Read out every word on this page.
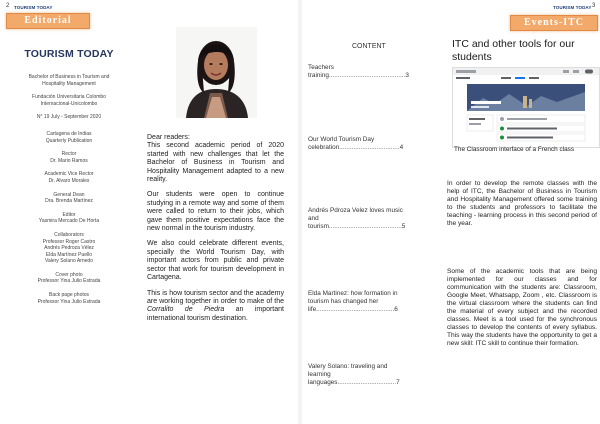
2 TOURISM TODAY
Editorial
TOURISM TODAY
Bachelor of Business in Tourism and
Hospitality Management
Fundación Universitaria Colombo
Internacional-Unicolombo
N° 19 July - September 2020
Cartagena de Indias
Quarterly Publication
Rector
Dr. Mario Ramos
Academic Vice Rector
Dr. Alvaro Morales
General Dean
Dra. Brenda Martínez
Editor
Yasmira Mercado De Horta
Collaborators
Professor Roger Castro
Andrés Pedroza Vélez
Elda Martínez Puello
Valery Solano Arnedo
Cover photo
Professor Yina Julio Estrada
Back page photos
Professor Yina Julio Estrada
Dear readers:

This second academic period of 2020 started with new challenges that let the Bachelor of Business in Tourism and Hospitality Management adapted to a new reality.

Our students were open to continue studying in a remote way and some of them were called to return to their jobs, which gave them positive expectations face the new normal in the tourism industry.

We also could celebrate different events, specially the World Tourism Day, with important actors from public and private sector that work for tourism development in Cartagena.

This is how tourism sector and the academy are working together in order to make of the Corralito de Piedra an important international tourism destination.

CONTENT
Teachers
training...........................................3
Our World Tourism Day
celebration..................................4
Andrés Pdroza Velez loves music
and
tourism.........................................5
Elda Martinez: how formation in
tourism has changed her
life............................................6
Valery Solano: traveling and
learning
languages.................................7
TOURISM TODAY 3
Events-ITC
ITC and other tools for our students
The Classroom interface of a French class

In order to develop the remote classes with the help of ITC, the Bachelor of Business in Tourism and Hospitality Management offered some training to the students and professors to facilitate the teaching - learning process in this second period of the year.

Some of the academic tools that are being implemented for our classes and for communication with the students are: Classroom, Google Meet, Whatsapp, Zoom , etc. Classroom is the virtual classroom where the students can find the material of every subject and the recorded classes. Meet is a tool used for the synchronous classes to develop the contents of every syllabus. This way the students have the opportunity to get a new skill: ITC skill to continue their formation.
